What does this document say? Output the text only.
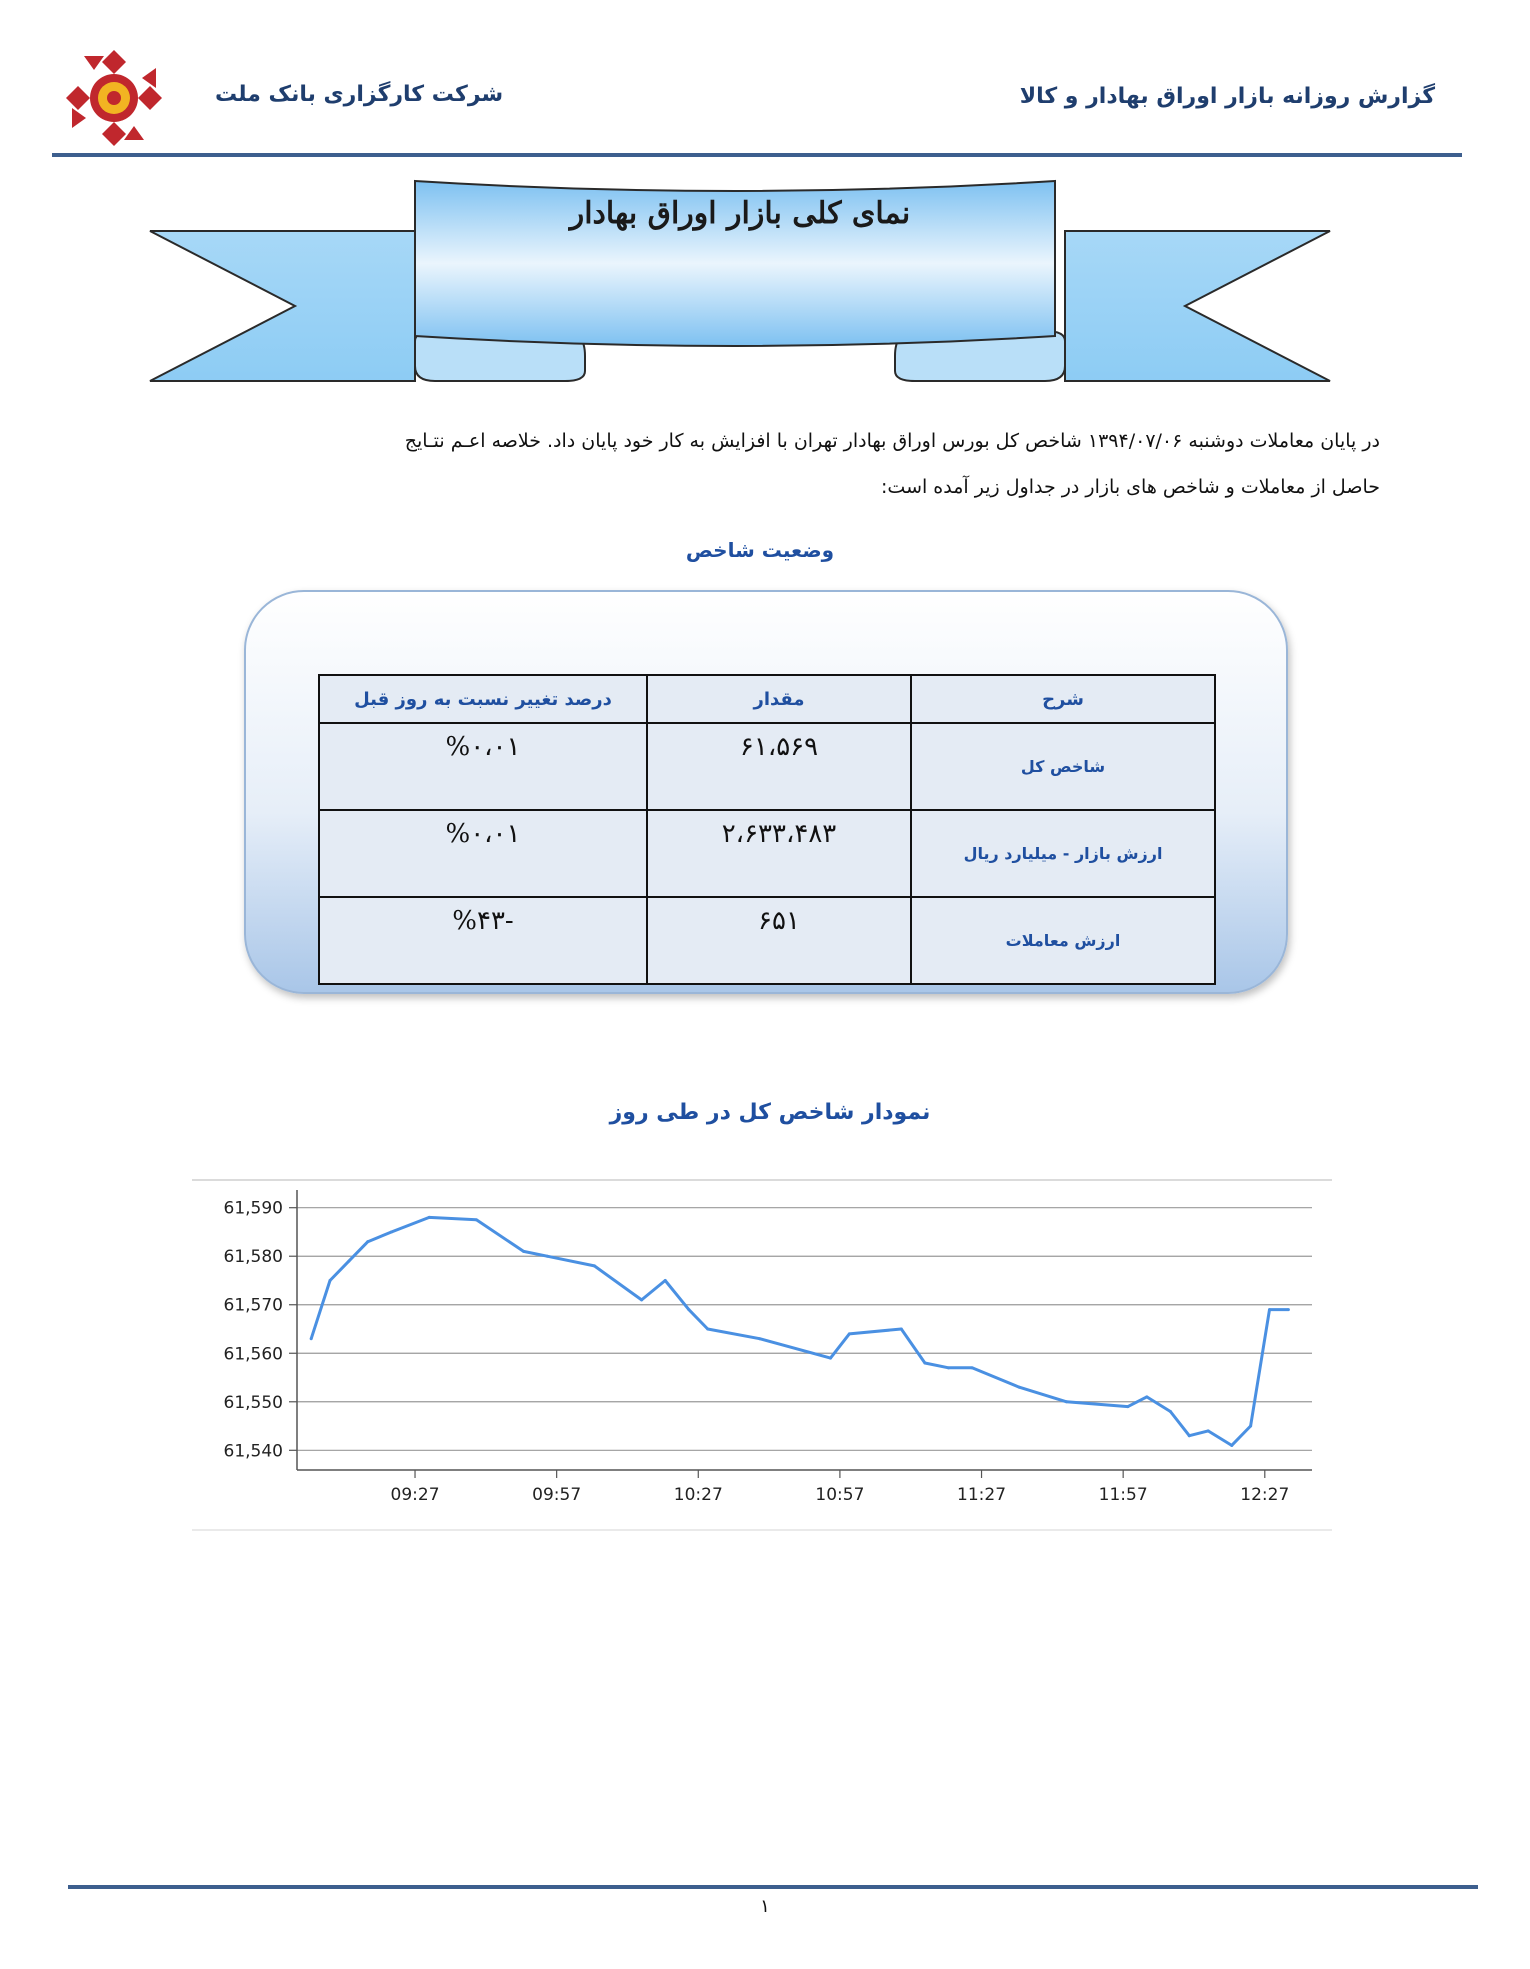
شرکت کارگزاری بانک ملت	گزارش روزانه بازار اوراق بهادار و کالا
نمای کلی بازار اوراق بهادار
در پایان معاملات دوشنبه ۱۳۹۴/۰۷/۰۶ شاخص کل بورس اوراق بهادار تهران با افزایش به کار خود پایان داد. خلاصه اعـم نتـایج
حاصل از معاملات و شاخص های بازار در جداول زیر آمده است:
وضعیت شاخص
شرح	مقدار	درصد تغییر نسبت به روز قبل
شاخص کل	۶۱،۵۶۹	%۰،۰۱
ارزش بازار - میلیارد ریال	۲،۶۳۳،۴۸۳	%۰،۰۱
ارزش معاملات	۶۵۱	-%۴۳
نمودار شاخص کل در طی روز
61,540
61,550
61,560
61,570
61,580
61,590
09:27	09:57	10:27	10:57	11:27	11:57	12:27
۱
